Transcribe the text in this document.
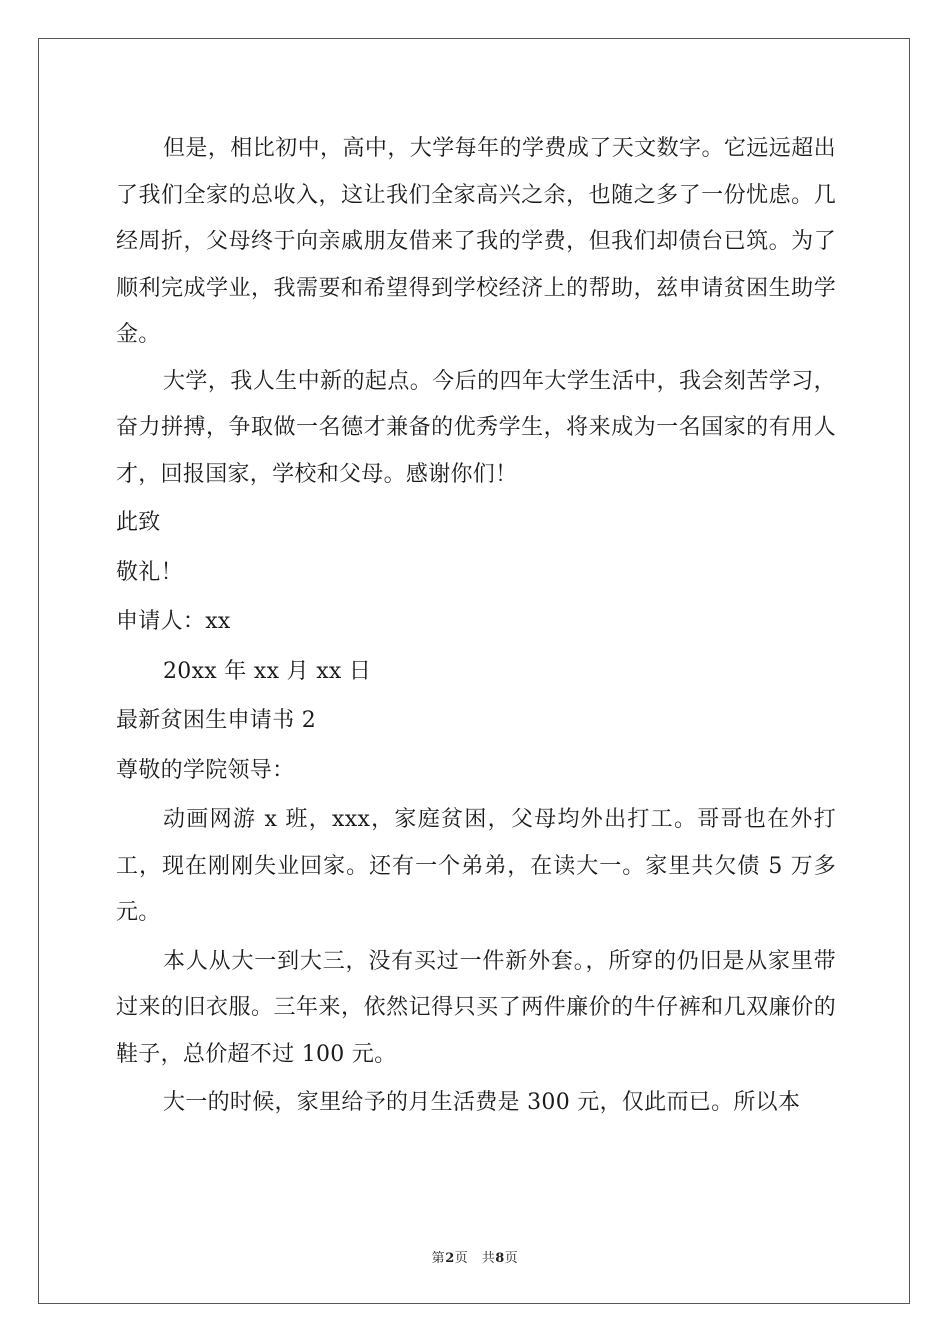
但是，相比初中，高中，大学每年的学费成了天文数字。它远远超出了我们全家的总收入，这让我们全家高兴之余，也随之多了一份忧虑。几经周折，父母终于向亲戚朋友借来了我的学费，但我们却债台已筑。为了顺利完成学业，我需要和希望得到学校经济上的帮助，兹申请贫困生助学金。

大学，我人生中新的起点。今后的四年大学生活中，我会刻苦学习，奋力拼搏，争取做一名德才兼备的优秀学生，将来成为一名国家的有用人才，回报国家，学校和父母。感谢你们！

此致

敬礼！

申请人：xx

20xx 年 xx 月 xx 日

最新贫困生申请书 2

尊敬的学院领导：

动画网游 x 班，xxx，家庭贫困，父母均外出打工。哥哥也在外打工，现在刚刚失业回家。还有一个弟弟，在读大一。家里共欠债 5 万多元。

本人从大一到大三，没有买过一件新外套。，所穿的仍旧是从家里带过来的旧衣服。三年来，依然记得只买了两件廉价的牛仔裤和几双廉价的鞋子，总价超不过 100 元。

大一的时候，家里给予的月生活费是 300 元，仅此而已。所以本

第2页　共8页
